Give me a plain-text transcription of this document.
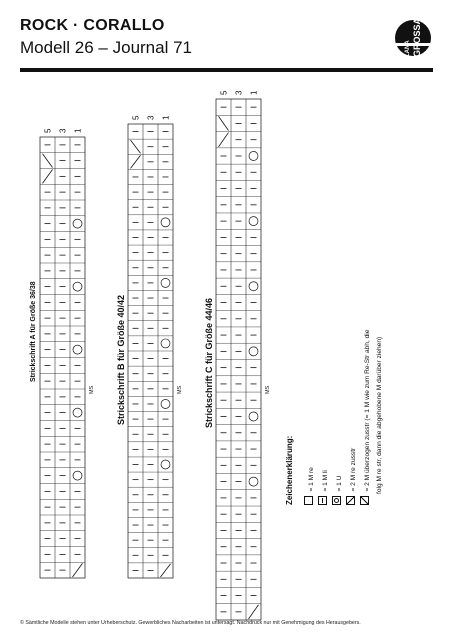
ROCK · CORALLO
Modell 26 – Journal 71	LANA GROSSA
Strickschrift A für Größe 36/38	Strickschrift B für Größe 40/42	Strickschrift C für Größe 44/46
5 3 1
MS
5 3 1
MS
5 3 1
MS
Zeichenerklärung:	= 1 M re	= 1 M li	= 1 U	= 2 M re zusstr	= 2 M überzogen zusstr (= 1 M wie zum Re-Str abh, die folg M re str, dann die abgehobene M darüber ziehen)
© Sämtliche Modelle stehen unter Urheberschutz. Gewerbliches Nacharbeiten ist untersagt. Nachdruck nur mit Genehmigung des Herausgebers.
